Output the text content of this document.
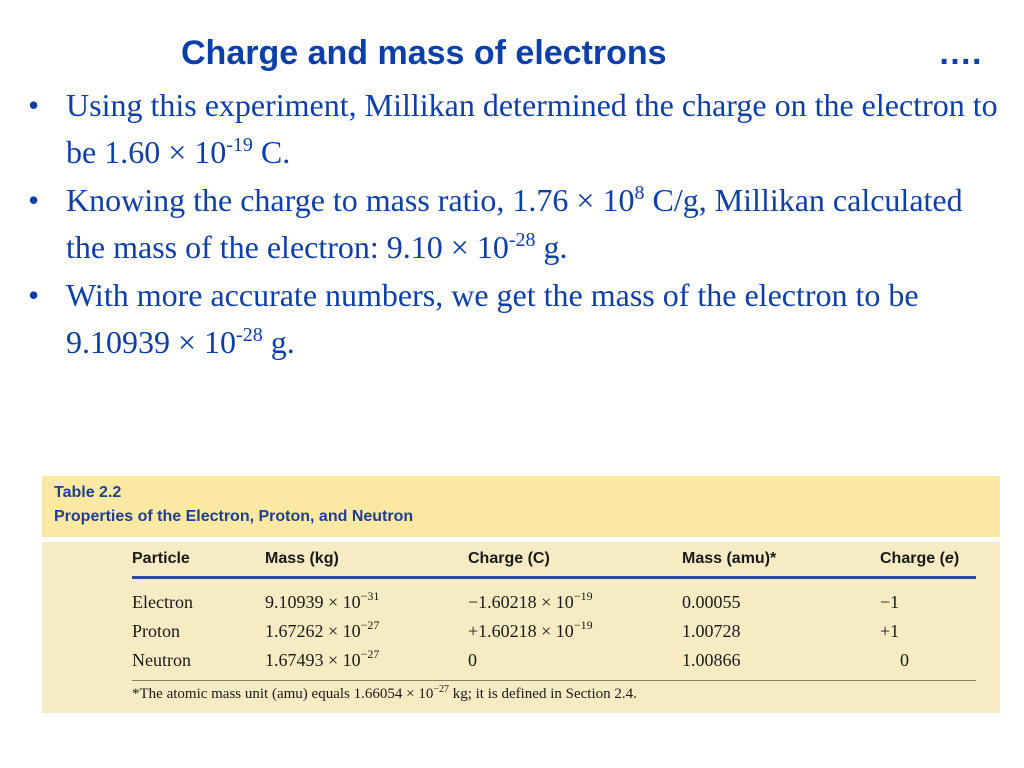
Charge and mass of electrons	….
• Using this experiment, Millikan determined the charge on the electron to be $1.60 \times 10^{-19}$ C.
• Knowing the charge to mass ratio, $1.76 \times 10^8$ C/g, Millikan calculated the mass of the electron: $9.10 \times 10^{-28}$ g.
• With more accurate numbers, we get the mass of the electron to be $9.10939 \times 10^{-28}$ g.
Table 2.2
Properties of the Electron, Proton, and Neutron
Particle	Mass (kg)	Charge (C)	Mass (amu)*	Charge (e)
*The atomic mass unit (amu) equals $1.66054 \times 10^{-27}$ kg; it is defined in Section 2.4.
Electron	$9.10939 \times 10^{-31}$	$-1.60218 \times 10^{-19}$	0.00055	−1
Proton	$1.67262 \times 10^{-27}$	$+1.60218 \times 10^{-19}$	1.00728	+1
Neutron	$1.67493 \times 10^{-27}$	0	1.00866	0
